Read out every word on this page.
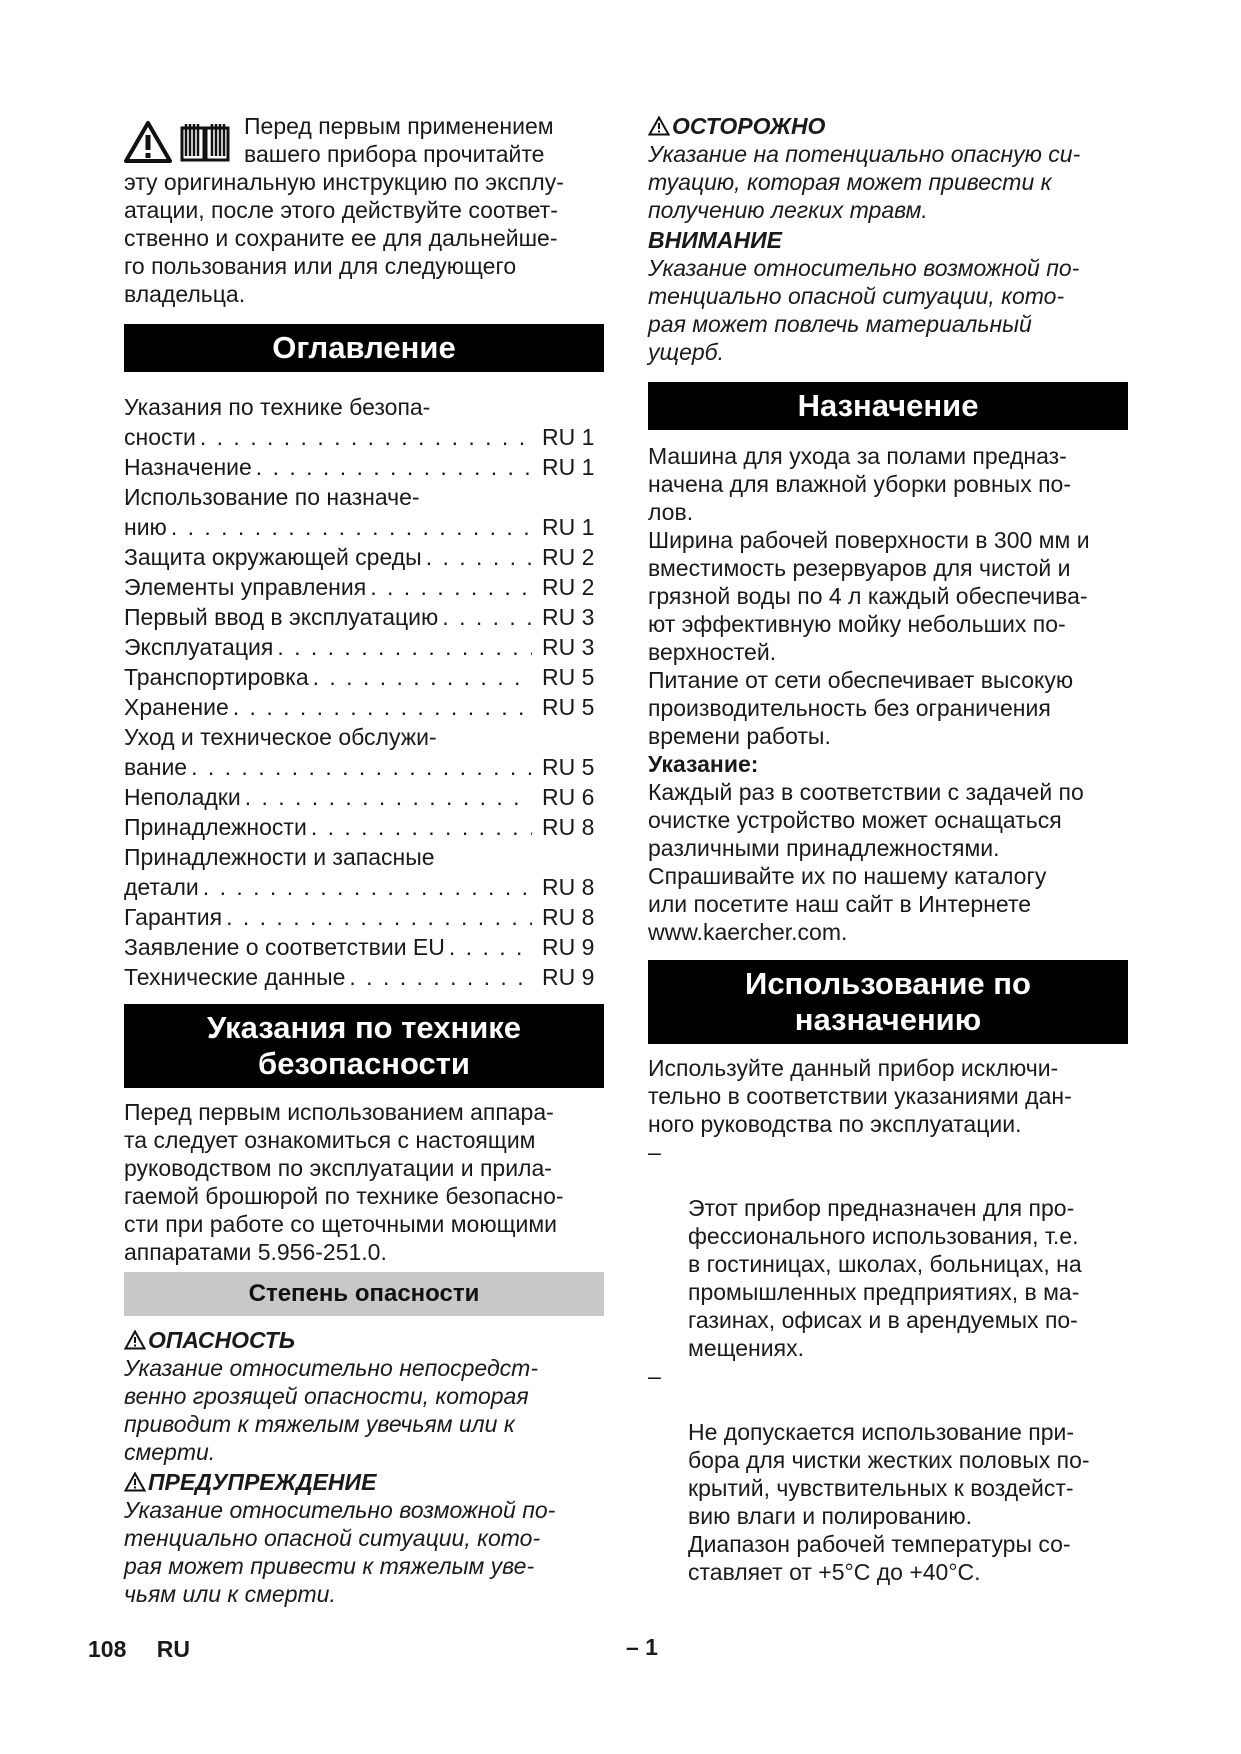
Перед первым применением
вашего прибора прочитайте

эту оригинальную инструкцию по эксплу-
атации, после этого действуйте соответ-
ственно и сохраните ее для дальнейше-
го пользования или для следующего
владельца.

Оглавление
Указания по технике безопа-
сности . . .	RU 1
Назначение . . .	RU 1
Использование по назначе-
нию . . .	RU 1
Защита окружающей среды . . .	RU 2
Элементы управления . . .	RU 2
Первый ввод в эксплуатацию . . .	RU 3
Эксплуатация . . .	RU 3
Транспортировка . . .	RU 5
Хранение . . .	RU 5
Уход и техническое обслужи-
вание . . .	RU 5
Неполадки . . .	RU 6
Принадлежности . . .	RU 8
Принадлежности и запасные
детали . . .	RU 8
Гарантия . . .	RU 8
Заявление о соответствии EU . . .	RU 9
Технические данные . . .	RU 9
Указания по технике
безопасности

Перед первым использованием аппара-
та следует ознакомиться с настоящим
руководством по эксплуатации и прила-
гаемой брошюрой по технике безопасно-
сти при работе со щеточными моющими
аппаратами 5.956-251.0.

Степень опасности
ОПАСНОСТЬ

Указание относительно непосредст-
венно грозящей опасности, которая
приводит к тяжелым увечьям или к
смерти.

ПРЕДУПРЕЖДЕНИЕ

Указание относительно возможной по-
тенциально опасной ситуации, кото-
рая может привести к тяжелым уве-
чьям или к смерти.

ОСТОРОЖНО

Указание на потенциально опасную си-
туацию, которая может привести к
получению легких травм.

ВНИМАНИЕ

Указание относительно возможной по-
тенциально опасной ситуации, кото-
рая может повлечь материальный
ущерб.

Назначение

Машина для ухода за полами предназ-
начена для влажной уборки ровных по-
лов.

Ширина рабочей поверхности в 300 мм и
вместимость резервуаров для чистой и
грязной воды по 4 л каждый обеспечива-
ют эффективную мойку небольших по-
верхностей.

Питание от сети обеспечивает высокую
производительность без ограничения
времени работы.

Указание:

Каждый раз в соответствии с задачей по
очистке устройство может оснащаться
различными принадлежностями.
Спрашивайте их по нашему каталогу
или посетите наш сайт в Интернете
www.kaercher.com.

Использование по
назначению

Используйте данный прибор исключи-
тельно в соответствии указаниями дан-
ного руководства по эксплуатации.

–

Этот прибор предназначен для про-
фессионального использования, т.е.
в гостиницах, школах, больницах, на
промышленных предприятиях, в ма-
газинах, офисах и в арендуемых по-
мещениях.

–

Не допускается использование при-
бора для чистки жестких половых по-
крытий, чувствительных к воздейст-
вию влаги и полированию.
Диапазон рабочей температуры со-
ставляет от +5°C до +40°C.

108 RU	– 1
